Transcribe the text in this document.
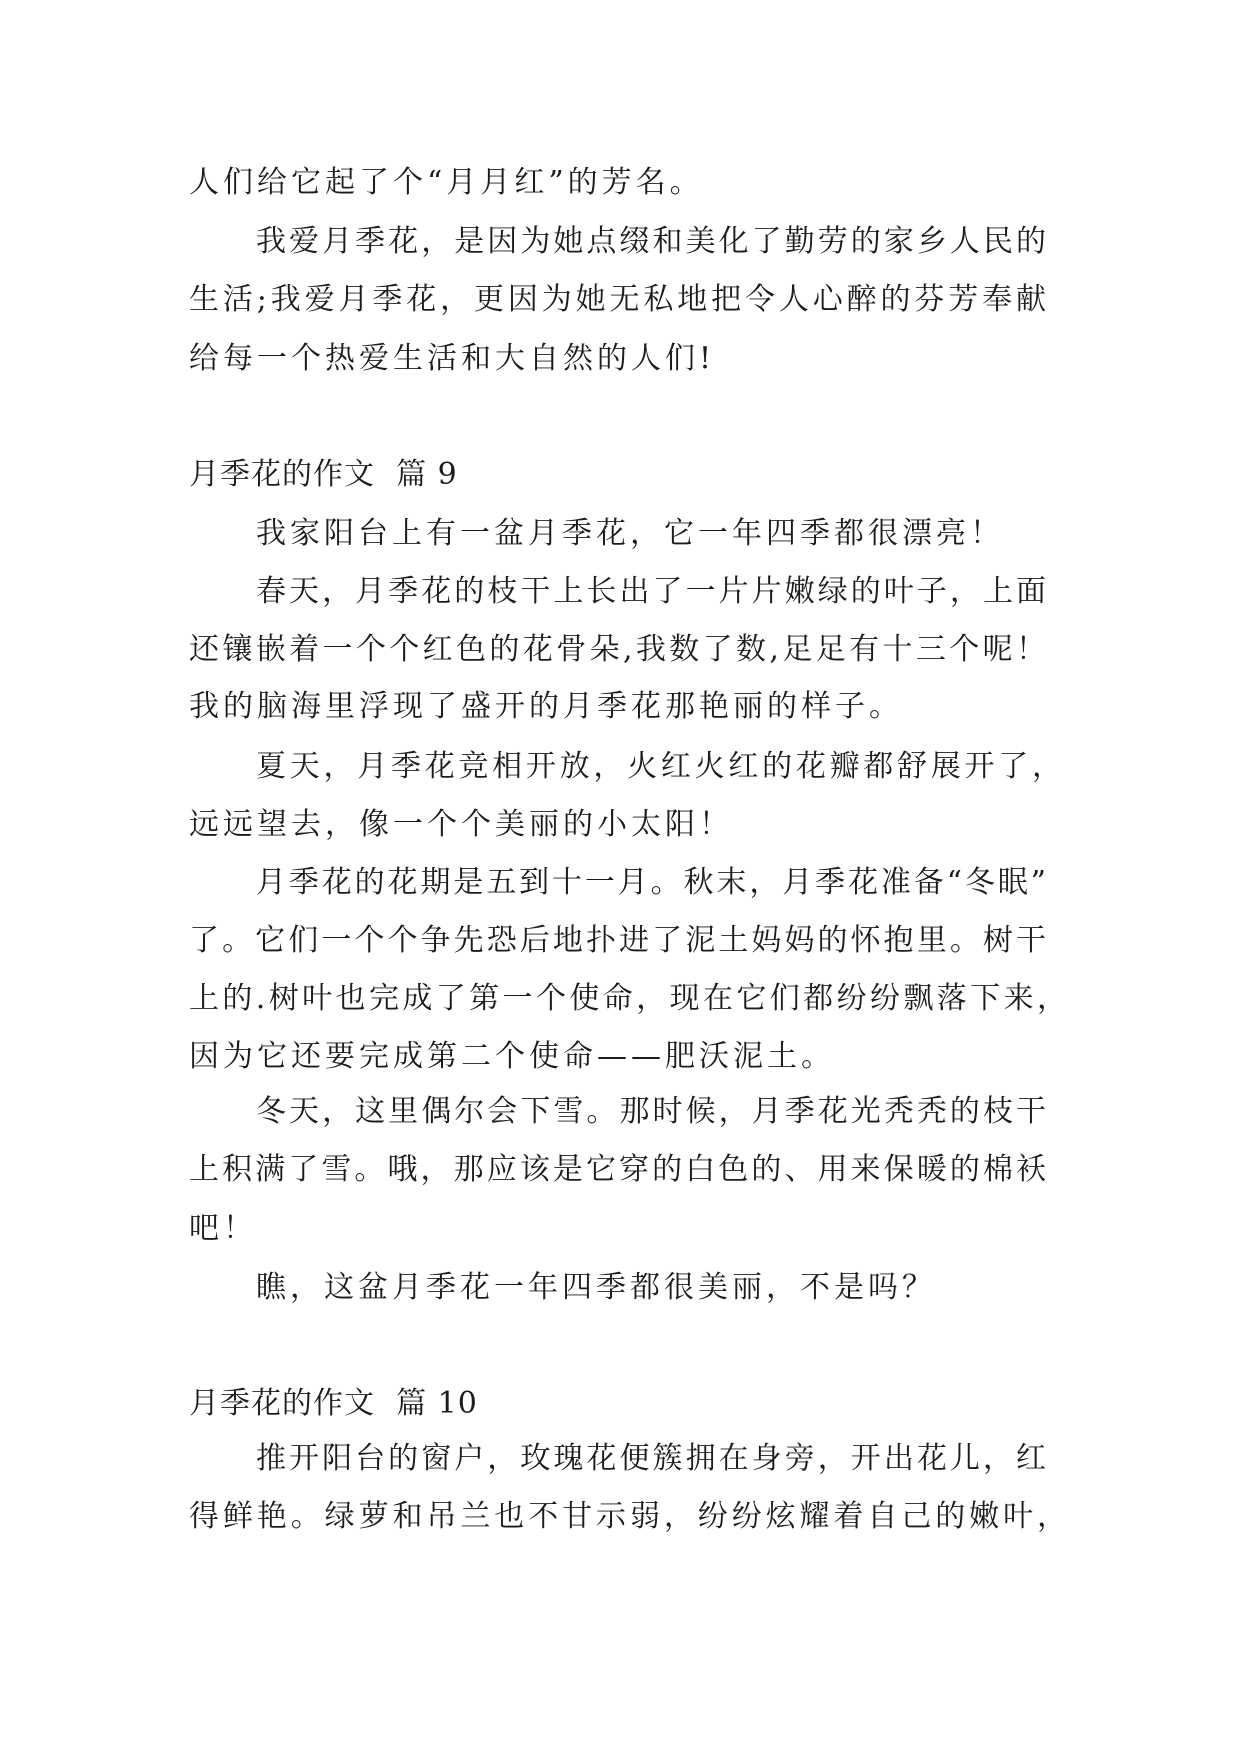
人们给它起了个“月月红”的芳名。
我爱月季花，是因为她点缀和美化了勤劳的家乡人民的
生活;我爱月季花，更因为她无私地把令人心醉的芬芳奉献
给每一个热爱生活和大自然的人们!
月季花的作文  篇 9
我家阳台上有一盆月季花，它一年四季都很漂亮！
春天，月季花的枝干上长出了一片片嫩绿的叶子，上面
还镶嵌着一个个红色的花骨朵,我数了数,足足有十三个呢！
我的脑海里浮现了盛开的月季花那艳丽的样子。
夏天，月季花竞相开放，火红火红的花瓣都舒展开了，
远远望去，像一个个美丽的小太阳！
月季花的花期是五到十一月。秋末，月季花准备“冬眠”
了。它们一个个争先恐后地扑进了泥土妈妈的怀抱里。树干
上的.树叶也完成了第一个使命，现在它们都纷纷飘落下来，
因为它还要完成第二个使命——肥沃泥土。
冬天，这里偶尔会下雪。那时候，月季花光秃秃的枝干
上积满了雪。哦，那应该是它穿的白色的、用来保暖的棉袄
吧！
瞧，这盆月季花一年四季都很美丽，不是吗？
月季花的作文  篇 10
推开阳台的窗户，玫瑰花便簇拥在身旁，开出花儿，红
得鲜艳。绿萝和吊兰也不甘示弱，纷纷炫耀着自己的嫩叶，
